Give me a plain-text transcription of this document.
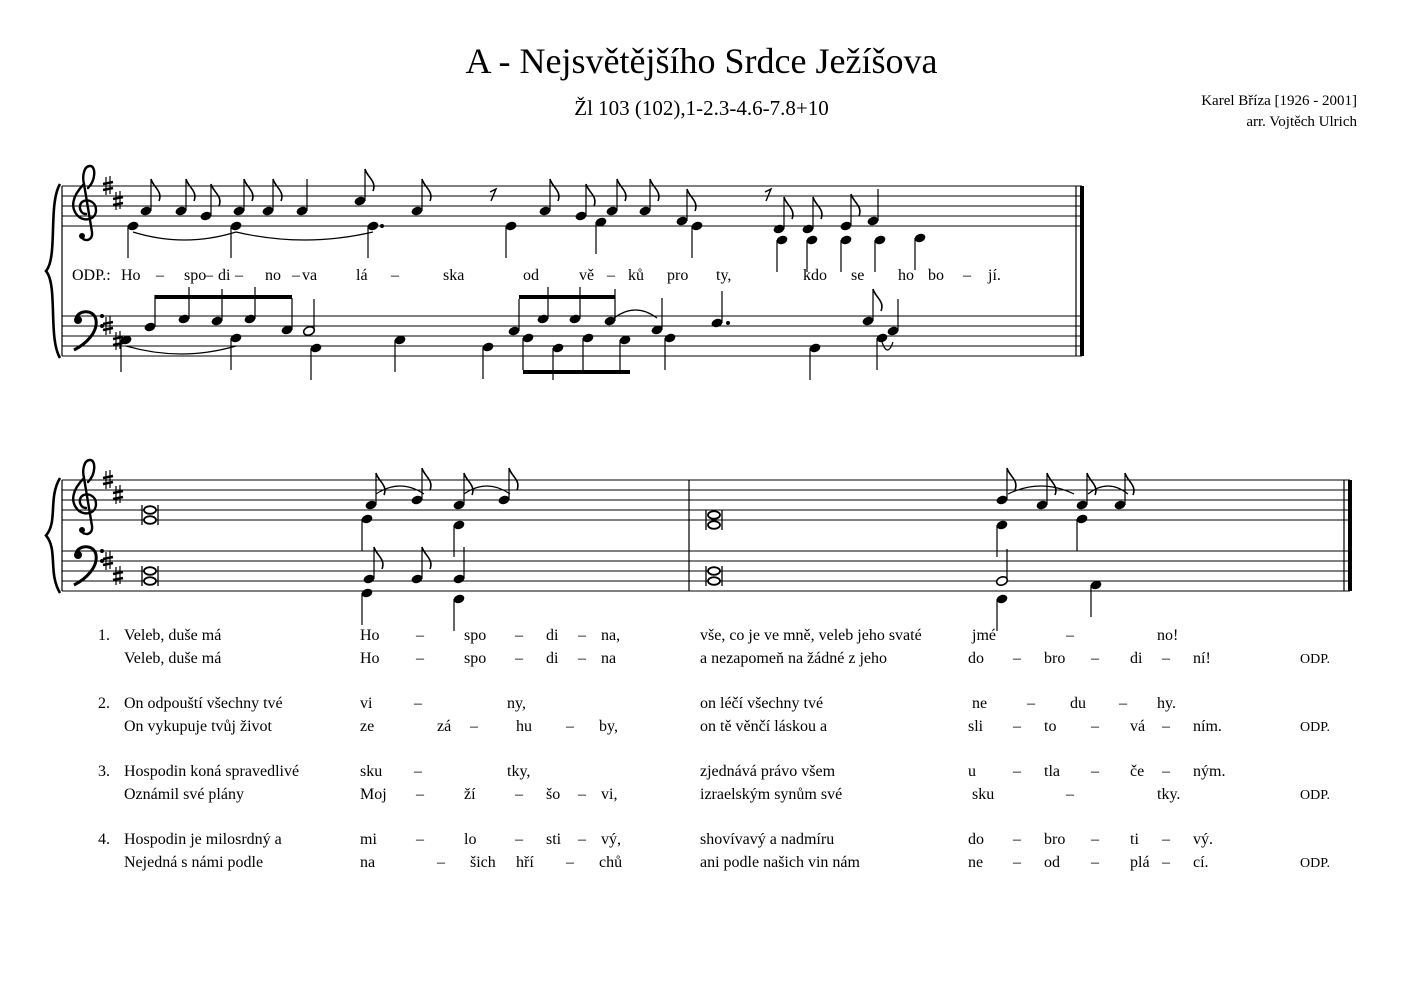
A - Nejsvětějšího Srdce Ježíšova
Žl 103 (102),1-2.3-4.6-7.8+10	Karel Bříza [1926 - 2001]
arr. Vojtěch Ulrich
ODP.: Ho – spo
– di – no – va lá –	ska	od	vě – ků pro ty,	kdo se ho bo – jí.
1. Veleb, duše má	Ho –	spo – di – na,	vše, co je ve mně, veleb jeho svaté	jmé	–	no!
Veleb, duše má	Ho –	spo – di – na	a nezapomeň na žádné z jeho	do – bro – di – ní!	ODP.
2. On odpouští všechny tvé	vi	–	ny,	on léčí všechny tvé	ne – du – hy.
On vykupuje tvůj život	ze	zá – hu – by,	on tě věnčí láskou a	sli – to – vá – ním.	ODP.
3. Hospodin koná spravedlivé	sku –	tky,	zjednává právo všem	u – tla – če – ným.
Oznámil své plány	Moj –	ží – šo – vi,	izraelským synům své	sku	–	tky.	ODP.
4. Hospodin je milosrdný a	mi –	lo – sti – vý,	shovívavý a nadmíru	do – bro – ti – vý.
Nejedná s námi podle	na	– šich hří – chů	ani podle našich vin nám	ne – od – plá – cí.	ODP.
